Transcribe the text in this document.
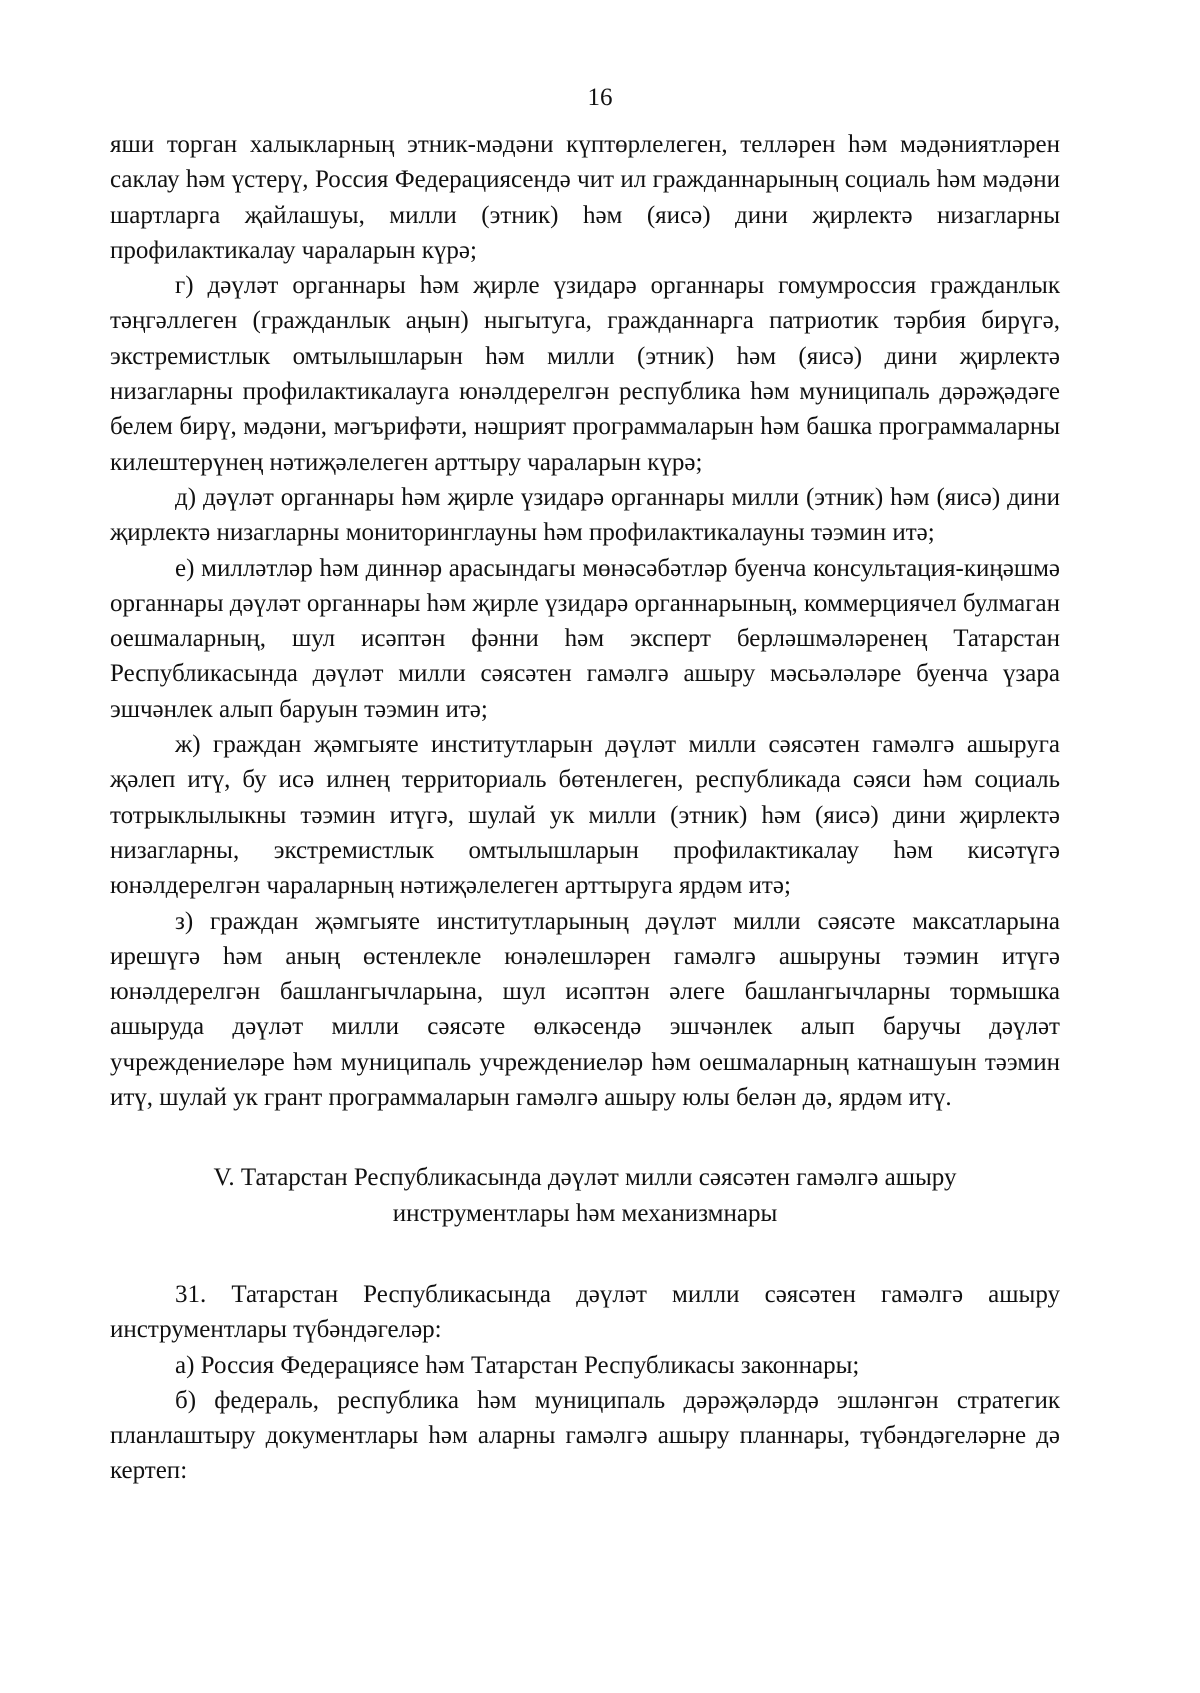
16

яши торган халыкларның этник-мәдәни күптөрлелеген, телләрен һәм мәдәниятләрен саклау һәм үстерү, Россия Федерациясендә чит ил гражданнарының социаль һәм мәдәни шартларга җайлашуы, милли (этник) һәм (яисә) дини җирлектә низагларны профилактикалау чараларын күрә;

г) дәүләт органнары һәм җирле үзидарә органнары гомумроссия гражданлык тәңгәллеген (гражданлык аңын) ныгытуга, гражданнарга патриотик тәрбия бирүгә, экстремистлык омтылышларын һәм милли (этник) һәм (яисә) дини җирлектә низагларны профилактикалауга юнәлдерелгән республика һәм муниципаль дәрәҗәдәге белем бирү, мәдәни, мәгърифәти, нәшрият программаларын һәм башка программаларны килештерүнең нәтиҗәлелеген арттыру чараларын күрә;

д) дәүләт органнары һәм җирле үзидарә органнары милли (этник) һәм (яисә) дини җирлектә низагларны мониторинглауны һәм профилактикалауны тәэмин итә;

е) милләтләр һәм диннәр арасындагы мөнәсәбәтләр буенча консультация-киңәшмә органнары дәүләт органнары һәм җирле үзидарә органнарының, коммерциячел булмаган оешмаларның, шул исәптән фәнни һәм эксперт берләшмәләренең Татарстан Республикасында дәүләт милли сәясәтен гамәлгә ашыру мәсьәләләре буенча үзара эшчәнлек алып баруын тәэмин итә;

ж) граждан җәмгыяте институтларын дәүләт милли сәясәтен гамәлгә ашыруга җәлеп итү, бу исә илнең территориаль бөтенлеген, республикада сәяси һәм социаль тотрыклылыкны тәэмин итүгә, шулай ук милли (этник) һәм (яисә) дини җирлектә низагларны, экстремистлык омтылышларын профилактикалау һәм кисәтүгә юнәлдерелгән чараларның нәтиҗәлелеген арттыруга ярдәм итә;

з) граждан җәмгыяте институтларының дәүләт милли сәясәте максатларына ирешүгә һәм аның өстенлекле юнәлешләрен гамәлгә ашыруны тәэмин итүгә юнәлдерелгән башлангычларына, шул исәптән әлеге башлангычларны тормышка ашыруда дәүләт милли сәясәте өлкәсендә эшчәнлек алып баручы дәүләт учреждениеләре һәм муниципаль учреждениеләр һәм оешмаларның катнашуын тәэмин итү, шулай ук грант программаларын гамәлгә ашыру юлы белән дә, ярдәм итү.

V. Татарстан Республикасында дәүләт милли сәясәтен гамәлгә ашыру инструментлары һәм механизмнары

31. Татарстан Республикасында дәүләт милли сәясәтен гамәлгә ашыру инструментлары түбәндәгеләр:

а) Россия Федерациясе һәм Татарстан Республикасы законнары;

б) федераль, республика һәм муниципаль дәрәҗәләрдә эшләнгән стратегик планлаштыру документлары һәм аларны гамәлгә ашыру планнары, түбәндәгеләрне дә кертеп:
